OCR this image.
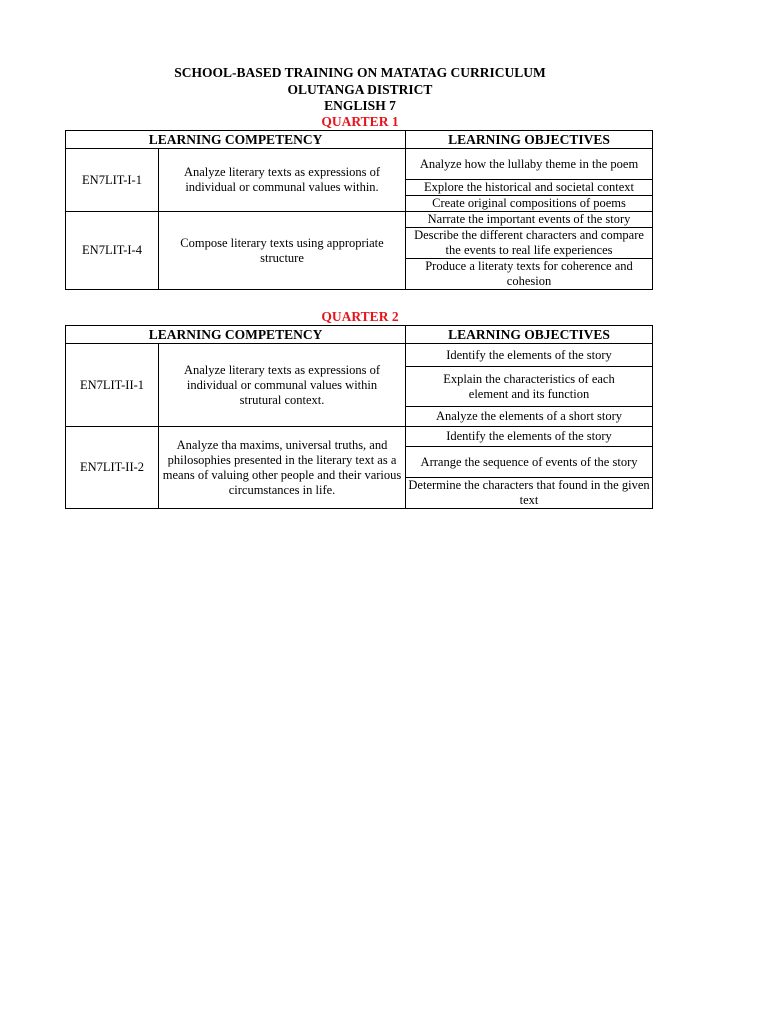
SCHOOL-BASED TRAINING ON MATATAG CURRICULUM
OLUTANGA DISTRICT
ENGLISH 7
QUARTER 1
LEARNING COMPETENCY		LEARNING OBJECTIVES
EN7LIT-I-1	Analyze literary texts as expressions of individual or communal values within.	Analyze how the lullaby theme in the poem
		Explore the historical and societal context
		Create original compositions of poems
EN7LIT-I-4	Compose literary texts using appropriate structure	Narrate the important events of the story
		Describe the different characters and compare the events to real life experiences
		Produce a literaty texts for coherence and cohesion
QUARTER 2
LEARNING COMPETENCY		LEARNING OBJECTIVES
EN7LIT-II-1	Analyze literary texts as expressions of individual or communal values within strutural context.	Identify the elements of the story
		Explain the characteristics of each element and its function
		Analyze the elements of a short story
EN7LIT-II-2	Analyze tha maxims, universal truths, and philosophies presented in the literary text as a means of valuing other people and their various circumstances in life.	Identify the elements of the story
		Arrange the sequence of events of the story
		Determine the characters that found in the given text
